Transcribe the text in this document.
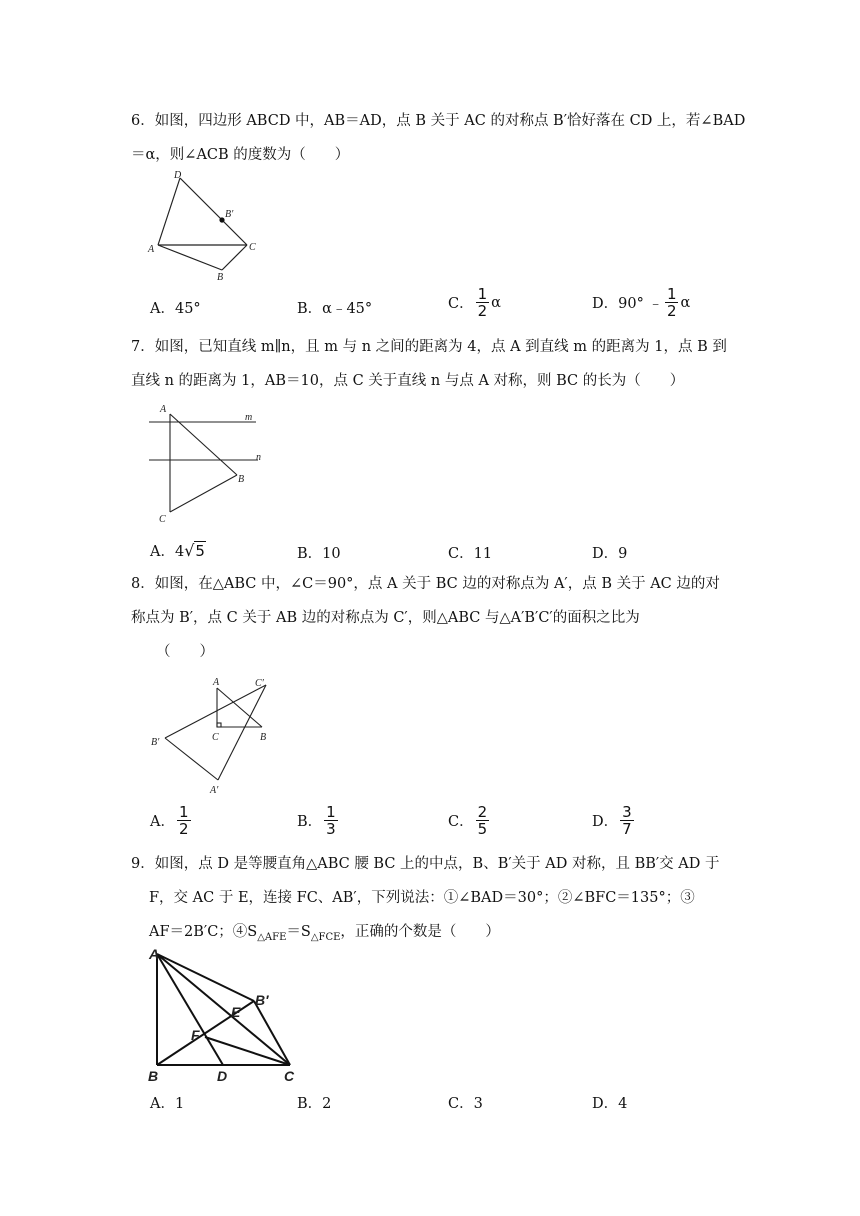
6．如图，四边形 ABCD 中，AB＝AD，点 B 关于 AC 的对称点 B′恰好落在 CD 上，若∠BAD

＝α，则∠ACB 的度数为（　　）

D
B′
A	C
B
A．45°	B．α﹣45°	C． $\frac{1}{2}$ α	D．90° ﹣ $\frac{1}{2}$ α

7．如图，已知直线 m∥n，且 m 与 n 之间的距离为 4，点 A 到直线 m 的距离为 1，点 B 到

直线 n 的距离为 1，AB＝10，点 C 关于直线 n 与点 A 对称，则 BC 的长为（　　）

A
m
n
B
C
A．4 √ 5	B．10	C．11	D．9

8．如图，在△ABC 中，∠C＝90°，点 A 关于 BC 边的对称点为 A′，点 B 关于 AC 边的对

称点为 B′，点 C 关于 AB 边的对称点为 C′，则△ABC 与△A′B′C′的面积之比为

（　　）

A	C′
B′	C	B
A′
A． $\frac{1}{2}$	B． $\frac{1}{3}$	C． $\frac{2}{5}$	D． $\frac{3}{7}$

9．如图，点 D 是等腰直角△ABC 腰 BC 上的中点，B、B′关于 AD 对称，且 BB′交 AD 于

F，交 AC 于 E，连接 FC、AB′，下列说法：①∠BAD＝30°；②∠BFC＝135°；③

AF＝2B′C；$④S_{\triangle AFE}=S_{\triangle FCE}$，正确的个数是（　　）

A
B′
E
F
B	D	C
A．1	B．2	C．3	D．4
